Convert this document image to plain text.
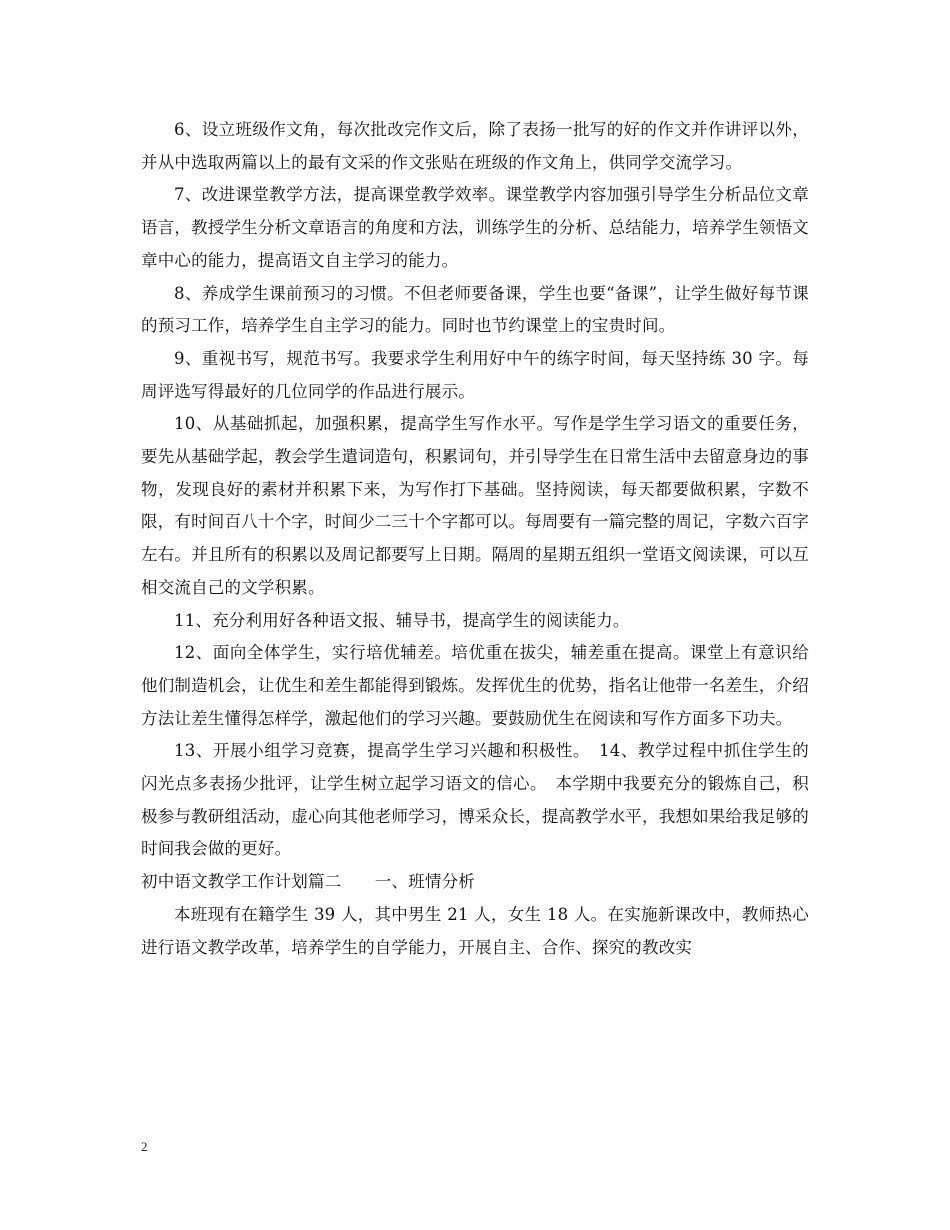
6、设立班级作文角，每次批改完作文后，除了表扬一批写的好的作文并作讲评以外，并从中选取两篇以上的最有文采的作文张贴在班级的作文角上，供同学交流学习。

7、改进课堂教学方法，提高课堂教学效率。课堂教学内容加强引导学生分析品位文章语言，教授学生分析文章语言的角度和方法，训练学生的分析、总结能力，培养学生领悟文章中心的能力，提高语文自主学习的能力。

8、养成学生课前预习的习惯。不但老师要备课，学生也要“备课”，让学生做好每节课的预习工作，培养学生自主学习的能力。同时也节约课堂上的宝贵时间。

9、重视书写，规范书写。我要求学生利用好中午的练字时间，每天坚持练 30 字。每周评选写得最好的几位同学的作品进行展示。

10、从基础抓起，加强积累，提高学生写作水平。写作是学生学习语文的重要任务，要先从基础学起，教会学生遣词造句，积累词句，并引导学生在日常生活中去留意身边的事物，发现良好的素材并积累下来，为写作打下基础。坚持阅读，每天都要做积累，字数不限，有时间百八十个字，时间少二三十个字都可以。每周要有一篇完整的周记，字数六百字左右。并且所有的积累以及周记都要写上日期。隔周的星期五组织一堂语文阅读课，可以互相交流自己的文学积累。

11、充分利用好各种语文报、辅导书，提高学生的阅读能力。

12、面向全体学生，实行培优辅差。培优重在拔尖，辅差重在提高。课堂上有意识给他们制造机会，让优生和差生都能得到锻炼。发挥优生的优势，指名让他带一名差生，介绍方法让差生懂得怎样学，激起他们的学习兴趣。要鼓励优生在阅读和写作方面多下功夫。

13、开展小组学习竞赛，提高学生学习兴趣和积极性。　14、教学过程中抓住学生的闪光点多表扬少批评，让学生树立起学习语文的信心。　本学期中我要充分的锻炼自己，积极参与教研组活动，虚心向其他老师学习，博采众长，提高教学水平，我想如果给我足够的时间我会做的更好。

初中语文教学工作计划篇二　　一、班情分析

本班现有在籍学生 39 人，其中男生 21 人，女生 18 人。在实施新课改中，教师热心进行语文教学改革，培养学生的自学能力，开展自主、合作、探究的教改实

2
